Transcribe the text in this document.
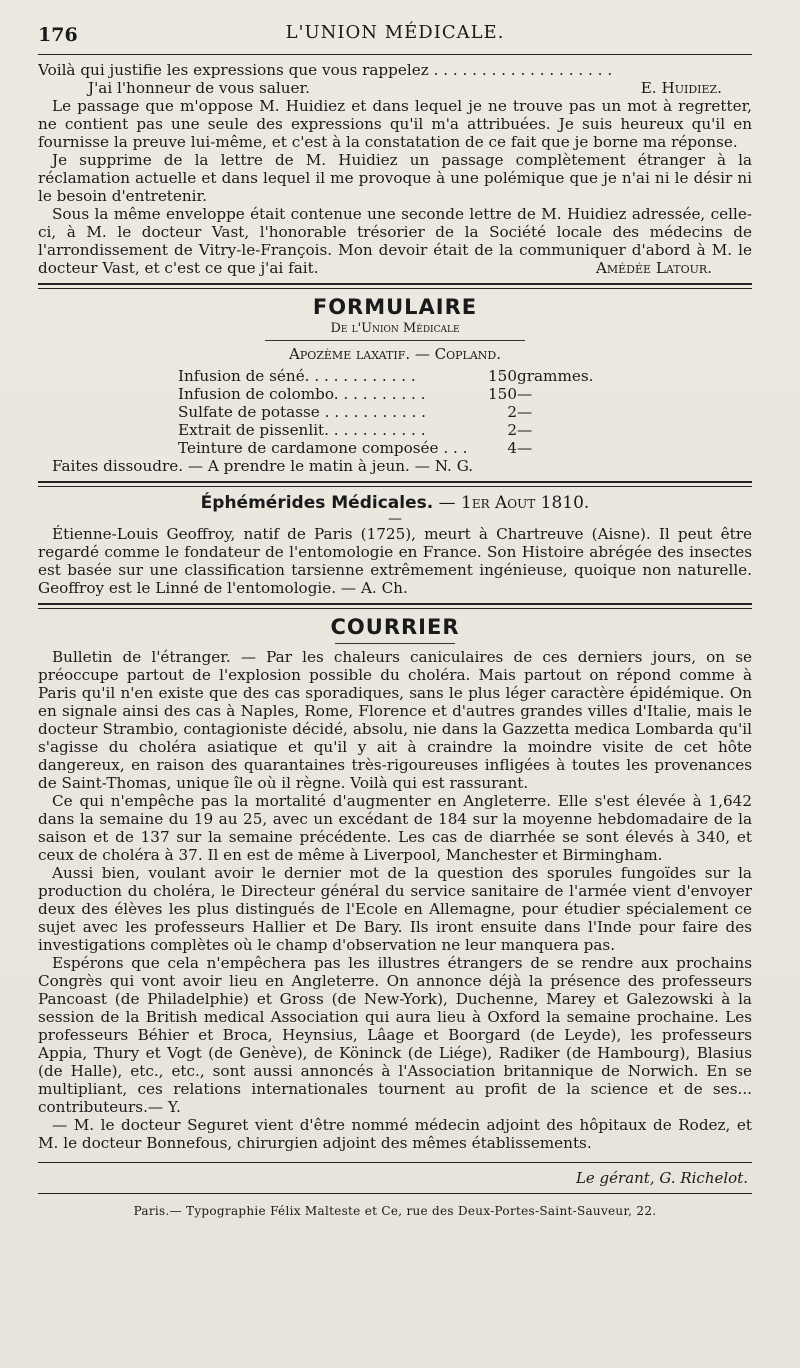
176	L'UNION MÉDICALE.

Voilà qui justifie les expressions que vous rappelez . . . . . . . . . . . . . . . . . . .

J'ai l'honneur de vous saluer.	E. Huidiez.

Le passage que m'oppose M. Huidiez et dans lequel je ne trouve pas un mot à regretter, ne contient pas une seule des expressions qu'il m'a attribuées. Je suis heureux qu'il en fournisse la preuve lui-même, et c'est à la constatation de ce fait que je borne ma réponse.

Je supprime de la lettre de M. Huidiez un passage complètement étranger à la réclamation actuelle et dans lequel il me provoque à une polémique que je n'ai ni le désir ni le besoin d'entretenir.

Sous la même enveloppe était contenue une seconde lettre de M. Huidiez adressée, celle-ci, à M. le docteur Vast, l'honorable trésorier de la Société locale des médecins de l'arrondissement de Vitry-le-François. Mon devoir était de la communiquer d'abord à M. le docteur Vast, et c'est ce que j'ai fait.	Amédée Latour.

FORMULAIRE
De l'Union Médicale
Apozème laxatif. — Copland.
Infusion de séné. . . . . . . . . . . .	150	grammes.
Infusion de colombo. . . . . . . . . .	150	—
Sulfate de potasse . . . . . . . . . . .	2	—
Extrait de pissenlit. . . . . . . . . . .	2	—
Teinture de cardamone composée . . .	4	—

Faites dissoudre. — A prendre le matin à jeun. — N. G.

Éphémérides Médicales. — 1er Aout 1810.
—

Étienne-Louis Geoffroy, natif de Paris (1725), meurt à Chartreuve (Aisne). Il peut être regardé comme le fondateur de l'entomologie en France. Son Histoire abrégée des insectes est basée sur une classification tarsienne extrêmement ingénieuse, quoique non naturelle. Geoffroy est le Linné de l'entomologie. — A. Ch.

COURRIER

Bulletin de l'étranger. — Par les chaleurs caniculaires de ces derniers jours, on se préoccupe partout de l'explosion possible du choléra. Mais partout on répond comme à Paris qu'il n'en existe que des cas sporadiques, sans le plus léger caractère épidémique. On en signale ainsi des cas à Naples, Rome, Florence et d'autres grandes villes d'Italie, mais le docteur Strambio, contagioniste décidé, absolu, nie dans la Gazzetta medica Lombarda qu'il s'agisse du choléra asiatique et qu'il y ait à craindre la moindre visite de cet hôte dangereux, en raison des quarantaines très-rigoureuses infligées à toutes les provenances de Saint-Thomas, unique île où il règne. Voilà qui est rassurant.

Ce qui n'empêche pas la mortalité d'augmenter en Angleterre. Elle s'est élevée à 1,642 dans la semaine du 19 au 25, avec un excédant de 184 sur la moyenne hebdomadaire de la saison et de 137 sur la semaine précédente. Les cas de diarrhée se sont élevés à 340, et ceux de choléra à 37. Il en est de même à Liverpool, Manchester et Birmingham.

Aussi bien, voulant avoir le dernier mot de la question des sporules fungoïdes sur la production du choléra, le Directeur général du service sanitaire de l'armée vient d'envoyer deux des élèves les plus distingués de l'Ecole en Allemagne, pour étudier spécialement ce sujet avec les professeurs Hallier et De Bary. Ils iront ensuite dans l'Inde pour faire des investigations complètes où le champ d'observation ne leur manquera pas.

Espérons que cela n'empêchera pas les illustres étrangers de se rendre aux prochains Congrès qui vont avoir lieu en Angleterre. On annonce déjà la présence des professeurs Pancoast (de Philadelphie) et Gross (de New-York), Duchenne, Marey et Galezowski à la session de la British medical Association qui aura lieu à Oxford la semaine prochaine. Les professeurs Béhier et Broca, Heynsius, Lâage et Boorgard (de Leyde), les professeurs Appia, Thury et Vogt (de Genève), de Köninck (de Liége), Radiker (de Hambourg), Blasius (de Halle), etc., etc., sont aussi annoncés à l'Association britannique de Norwich. En se multipliant, ces relations internationales tournent au profit de la science et de ses... contributeurs.— Y.

— M. le docteur Seguret vient d'être nommé médecin adjoint des hôpitaux de Rodez, et M. le docteur Bonnefous, chirurgien adjoint des mêmes établissements.

Le gérant, G. Richelot.
Paris.— Typographie Félix Malteste et Ce, rue des Deux-Portes-Saint-Sauveur, 22.
